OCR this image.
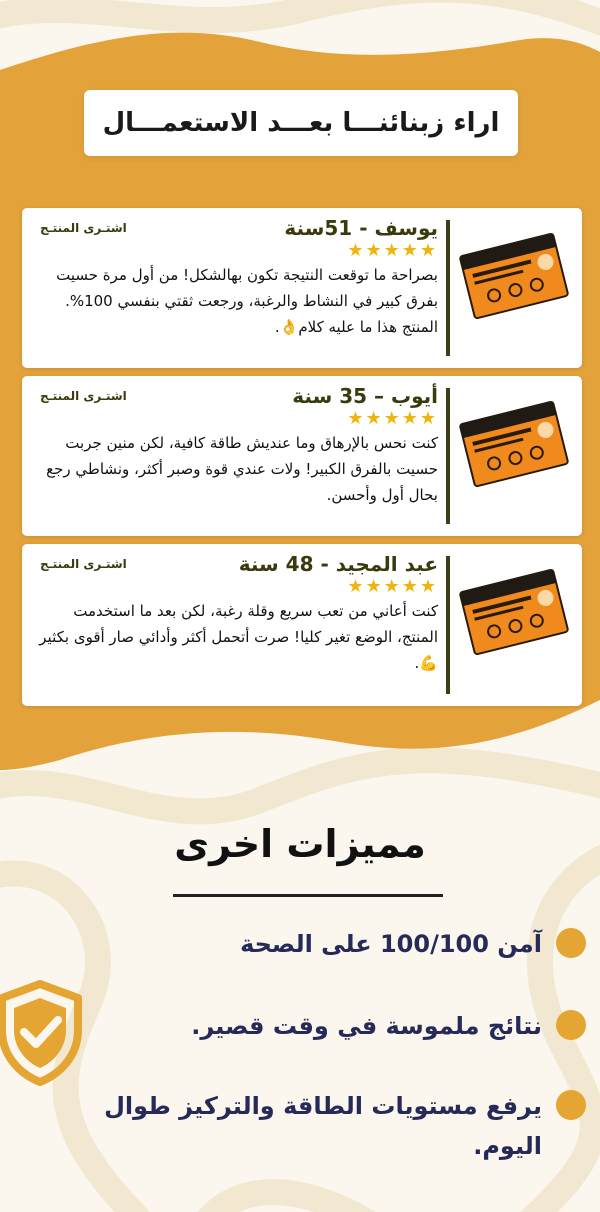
اراء زبنائنـــا بعـــد الاستعمـــال
يوسف - 51سنة
اشتـرى المنتـج
★★★★★

بصراحة ما توقعت النتيجة تكون بهالشكل! من أول مرة حسيت بفرق كبير في النشاط والرغبة، ورجعت ثقتي بنفسي 100%. المنتج هذا ما عليه كلام👌.

أيوب – 35 سنة
اشتـرى المنتـج
★★★★★

كنت نحس بالإرهاق وما عنديش طاقة كافية، لكن منين جربت حسيت بالفرق الكبير! ولات عندي قوة وصبر أكثر، ونشاطي رجع بحال أول وأحسن.

عبد المجيد - 48 سنة
اشتـرى المنتـج
★★★★★

كنت أعاني من تعب سريع وقلة رغبة، لكن بعد ما استخدمت المنتج، الوضع تغير كليا! صرت أتحمل أكثر وأدائي صار أقوى بكثير💪.

مميزات اخرى
آمن 100/100 على الصحة
نتائج ملموسة في وقت قصير.
يرفع مستويات الطاقة والتركيز طوال اليوم.
